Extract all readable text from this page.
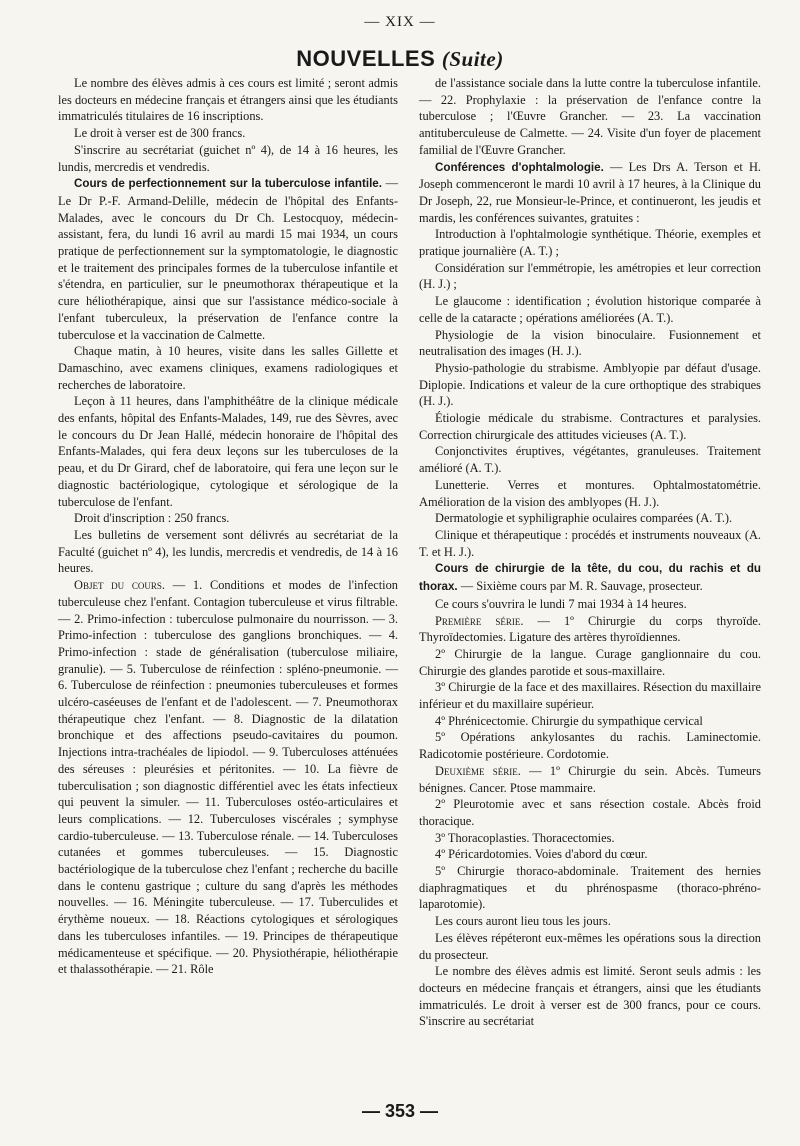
— XIX —
NOUVELLES (Suite)

Le nombre des élèves admis à ces cours est limité ; seront admis les docteurs en médecine français et étrangers ainsi que les étudiants immatriculés titulaires de 16 inscriptions.

Le droit à verser est de 300 francs.

S'inscrire au secrétariat (guichet nº 4), de 14 à 16 heures, les lundis, mercredis et vendredis.

Cours de perfectionnement sur la tuberculose infantile. — Le Dr P.-F. Armand-Delille, médecin de l'hôpital des Enfants-Malades, avec le concours du Dr Ch. Lestocquoy, médecin-assistant, fera, du lundi 16 avril au mardi 15 mai 1934, un cours pratique de perfectionnement sur la symptomatologie, le diagnostic et le traitement des principales formes de la tuberculose infantile et s'étendra, en particulier, sur le pneumothorax thérapeutique et la cure héliothérapique, ainsi que sur l'assistance médico-sociale à l'enfant tuberculeux, la préservation de l'enfance contre la tuberculose et la vaccination de Calmette.

Chaque matin, à 10 heures, visite dans les salles Gillette et Damaschino, avec examens cliniques, examens radiologiques et recherches de laboratoire.

Leçon à 11 heures, dans l'amphithéâtre de la clinique médicale des enfants, hôpital des Enfants-Malades, 149, rue des Sèvres, avec le concours du Dr Jean Hallé, médecin honoraire de l'hôpital des Enfants-Malades, qui fera deux leçons sur les tuberculoses de la peau, et du Dr Girard, chef de laboratoire, qui fera une leçon sur le diagnostic bactériologique, cytologique et sérologique de la tuberculose de l'enfant.

Droit d'inscription : 250 francs.

Les bulletins de versement sont délivrés au secrétariat de la Faculté (guichet nº 4), les lundis, mercredis et vendredis, de 14 à 16 heures.

Objet du cours. — 1. Conditions et modes de l'infection tuberculeuse chez l'enfant. Contagion tuberculeuse et virus filtrable. — 2. Primo-infection : tuberculose pulmonaire du nourrisson. — 3. Primo-infection : tuberculose des ganglions bronchiques. — 4. Primo-infection : stade de généralisation (tuberculose miliaire, granulie). — 5. Tuberculose de réinfection : spléno-pneumonie. — 6. Tuberculose de réinfection : pneumonies tuberculeuses et formes ulcéro-caséeuses de l'enfant et de l'adolescent. — 7. Pneumothorax thérapeutique chez l'enfant. — 8. Diagnostic de la dilatation bronchique et des affections pseudo-cavitaires du poumon. Injections intra-trachéales de lipiodol. — 9. Tuberculoses atténuées des séreuses : pleurésies et péritonites. — 10. La fièvre de tuberculisation ; son diagnostic différentiel avec les états infectieux qui peuvent la simuler. — 11. Tuberculoses ostéo-articulaires et leurs complications. — 12. Tuberculoses viscérales ; symphyse cardio-tuberculeuse. — 13. Tuberculose rénale. — 14. Tuberculoses cutanées et gommes tuberculeuses. — 15. Diagnostic bactériologique de la tuberculose chez l'enfant ; recherche du bacille dans le contenu gastrique ; culture du sang d'après les méthodes nouvelles. — 16. Méningite tuberculeuse. — 17. Tuberculides et érythème noueux. — 18. Réactions cytologiques et sérologiques dans les tuberculoses infantiles. — 19. Principes de thérapeutique médicamenteuse et spécifique. — 20. Physiothérapie, héliothérapie et thalassothérapie. — 21. Rôle

de l'assistance sociale dans la lutte contre la tuberculose infantile. — 22. Prophylaxie : la préservation de l'enfance contre la tuberculose ; l'Œuvre Grancher. — 23. La vaccination antituberculeuse de Calmette. — 24. Visite d'un foyer de placement familial de l'Œuvre Grancher.

Conférences d'ophtalmologie. — Les Drs A. Terson et H. Joseph commenceront le mardi 10 avril à 17 heures, à la Clinique du Dr Joseph, 22, rue Monsieur-le-Prince, et continueront, les jeudis et mardis, les conférences suivantes, gratuites :

Introduction à l'ophtalmologie synthétique. Théorie, exemples et pratique journalière (A. T.) ;

Considération sur l'emmétropie, les amétropies et leur correction (H. J.) ;

Le glaucome : identification ; évolution historique comparée à celle de la cataracte ; opérations améliorées (A. T.).

Physiologie de la vision binoculaire. Fusionnement et neutralisation des images (H. J.).

Physio-pathologie du strabisme. Amblyopie par défaut d'usage. Diplopie. Indications et valeur de la cure orthoptique des strabiques (H. J.).

Étiologie médicale du strabisme. Contractures et paralysies. Correction chirurgicale des attitudes vicieuses (A. T.).

Conjonctivites éruptives, végétantes, granuleuses. Traitement amélioré (A. T.).

Lunetterie. Verres et montures. Ophtalmostatométrie. Amélioration de la vision des amblyopes (H. J.).

Dermatologie et syphiligraphie oculaires comparées (A. T.).

Clinique et thérapeutique : procédés et instruments nouveaux (A. T. et H. J.).

Cours de chirurgie de la tête, du cou, du rachis et du thorax. — Sixième cours par M. R. Sauvage, prosecteur.

Ce cours s'ouvrira le lundi 7 mai 1934 à 14 heures.

Première série. — 1º Chirurgie du corps thyroïde. Thyroïdectomies. Ligature des artères thyroïdiennes.

2º Chirurgie de la langue. Curage ganglionnaire du cou. Chirurgie des glandes parotide et sous-maxillaire.

3º Chirurgie de la face et des maxillaires. Résection du maxillaire inférieur et du maxillaire supérieur.

4º Phrénicectomie. Chirurgie du sympathique cervical

5º Opérations ankylosantes du rachis. Laminectomie. Radicotomie postérieure. Cordotomie.

Deuxième série. — 1º Chirurgie du sein. Abcès. Tumeurs bénignes. Cancer. Ptose mammaire.

2º Pleurotomie avec et sans résection costale. Abcès froid thoracique.

3º Thoracoplasties. Thoracectomies.

4º Péricardotomies. Voies d'abord du cœur.

5º Chirurgie thoraco-abdominale. Traitement des hernies diaphragmatiques et du phrénospasme (thoraco-phréno-laparotomie).

Les cours auront lieu tous les jours.

Les élèves répéteront eux-mêmes les opérations sous la direction du prosecteur.

Le nombre des élèves admis est limité. Seront seuls admis : les docteurs en médecine français et étrangers, ainsi que les étudiants immatriculés. Le droit à verser est de 300 francs, pour ce cours. S'inscrire au secrétariat

— 353 —
